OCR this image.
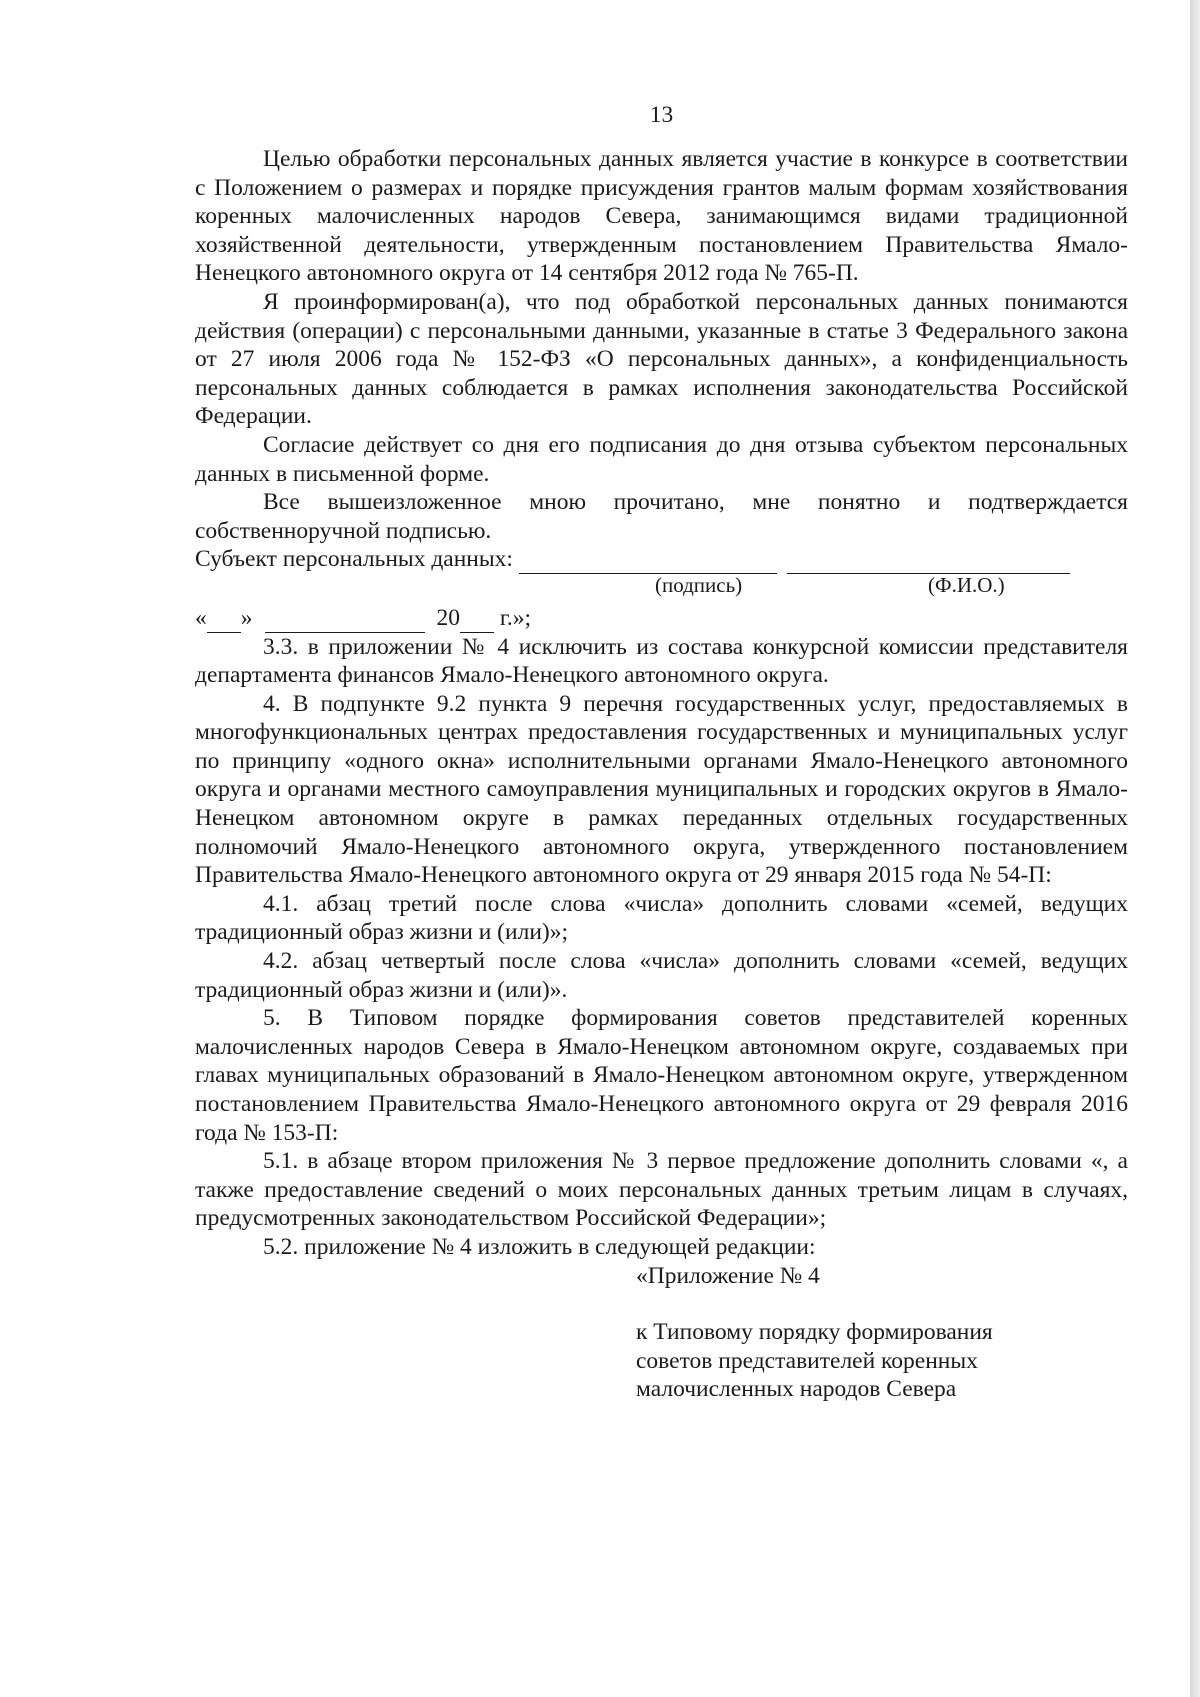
13

Целью обработки персональных данных является участие в конкурсе в соответствии с Положением о размерах и порядке присуждения грантов малым формам хозяйствования коренных малочисленных народов Севера, занимающимся видами традиционной хозяйственной деятельности, утвержденным постановлением Правительства Ямало-Ненецкого автономного округа от 14 сентября 2012 года № 765-П.

Я проинформирован(а), что под обработкой персональных данных понимаются действия (операции) с персональными данными, указанные в статье 3 Федерального закона от 27 июля 2006 года № 152-ФЗ «О персональных данных», а конфиденциальность персональных данных соблюдается в рамках исполнения законодательства Российской Федерации.

Согласие действует со дня его подписания до дня отзыва субъектом персональных данных в письменной форме.

Все вышеизложенное мною прочитано, мне понятно и подтверждается собственноручной подписью.

Субъект персональных данных:
(подпись)	(Ф.И.О.)
« »	20 г.»;

3.3. в приложении № 4 исключить из состава конкурсной комиссии представителя департамента финансов Ямало-Ненецкого автономного округа.

4. В подпункте 9.2 пункта 9 перечня государственных услуг, предоставляемых в многофункциональных центрах предоставления государственных и муниципальных услуг по принципу «одного окна» исполнительными органами Ямало-Ненецкого автономного округа и органами местного самоуправления муниципальных и городских округов в Ямало-Ненецком автономном округе в рамках переданных отдельных государственных полномочий Ямало-Ненецкого автономного округа, утвержденного постановлением Правительства Ямало-Ненецкого автономного округа от 29 января 2015 года № 54-П:

4.1. абзац третий после слова «числа» дополнить словами «семей, ведущих традиционный образ жизни и (или)»;

4.2. абзац четвертый после слова «числа» дополнить словами «семей, ведущих традиционный образ жизни и (или)».

5. В Типовом порядке формирования советов представителей коренных малочисленных народов Севера в Ямало-Ненецком автономном округе, создаваемых при главах муниципальных образований в Ямало-Ненецком автономном округе, утвержденном постановлением Правительства Ямало-Ненецкого автономного округа от 29 февраля 2016 года № 153-П:

5.1. в абзаце втором приложения № 3 первое предложение дополнить словами «, а также предоставление сведений о моих персональных данных третьим лицам в случаях, предусмотренных законодательством Российской Федерации»;

5.2. приложение № 4 изложить в следующей редакции:

«Приложение № 4
к Типовому порядку формирования
советов представителей коренных
малочисленных народов Севера
